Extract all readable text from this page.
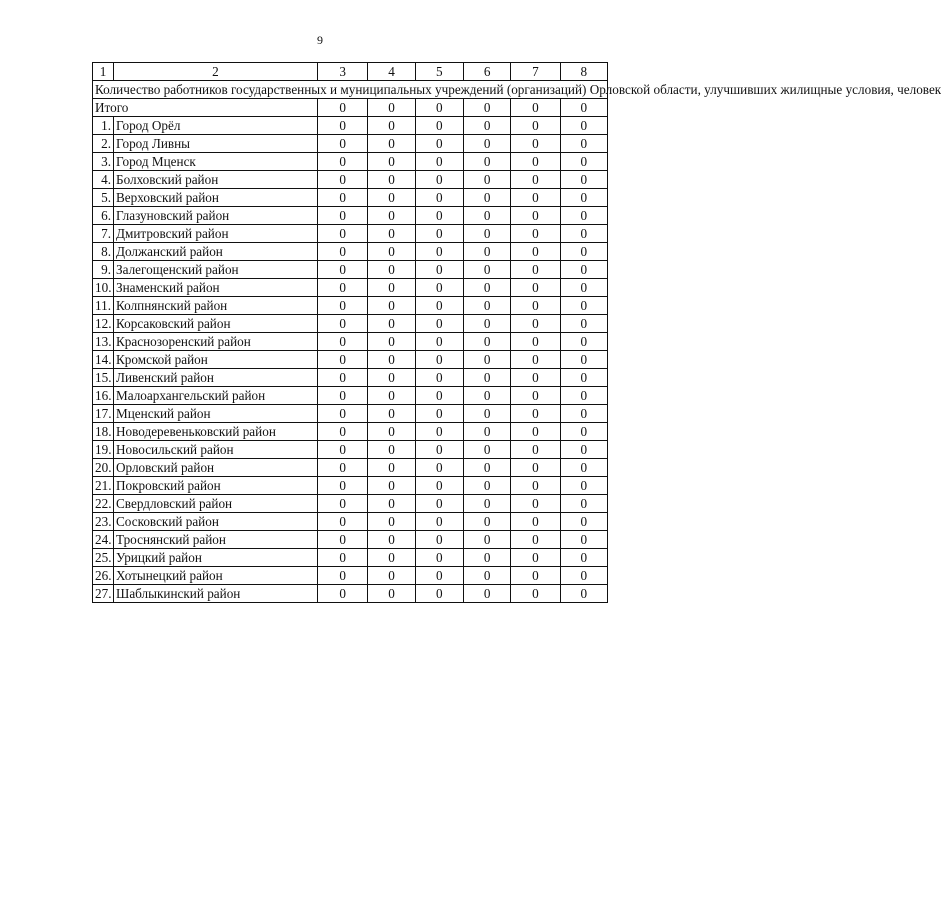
9
1	2	3	4	5	6	7	8
Количество работников государственных и муниципальных учреждений (организаций) Орловской области, улучшивших жилищные условия, человек							
Итого		0	0	0	0	0	0
1.	Город Орёл	0	0	0	0	0	0
2.	Город Ливны	0	0	0	0	0	0
3.	Город Мценск	0	0	0	0	0	0
4.	Болховский район	0	0	0	0	0	0
5.	Верховский район	0	0	0	0	0	0
6.	Глазуновский район	0	0	0	0	0	0
7.	Дмитровский район	0	0	0	0	0	0
8.	Должанский район	0	0	0	0	0	0
9.	Залегощенский район	0	0	0	0	0	0
10.	Знаменский район	0	0	0	0	0	0
11.	Колпнянский район	0	0	0	0	0	0
12.	Корсаковский район	0	0	0	0	0	0
13.	Краснозоренский район	0	0	0	0	0	0
14.	Кромской район	0	0	0	0	0	0
15.	Ливенский район	0	0	0	0	0	0
16.	Малоархангельский район	0	0	0	0	0	0
17.	Мценский район	0	0	0	0	0	0
18.	Новодеревеньковский район	0	0	0	0	0	0
19.	Новосильский район	0	0	0	0	0	0
20.	Орловский район	0	0	0	0	0	0
21.	Покровский район	0	0	0	0	0	0
22.	Свердловский район	0	0	0	0	0	0
23.	Сосковский район	0	0	0	0	0	0
24.	Троснянский район	0	0	0	0	0	0
25.	Урицкий район	0	0	0	0	0	0
26.	Хотынецкий район	0	0	0	0	0	0
27.	Шаблыкинский район	0	0	0	0	0	0
